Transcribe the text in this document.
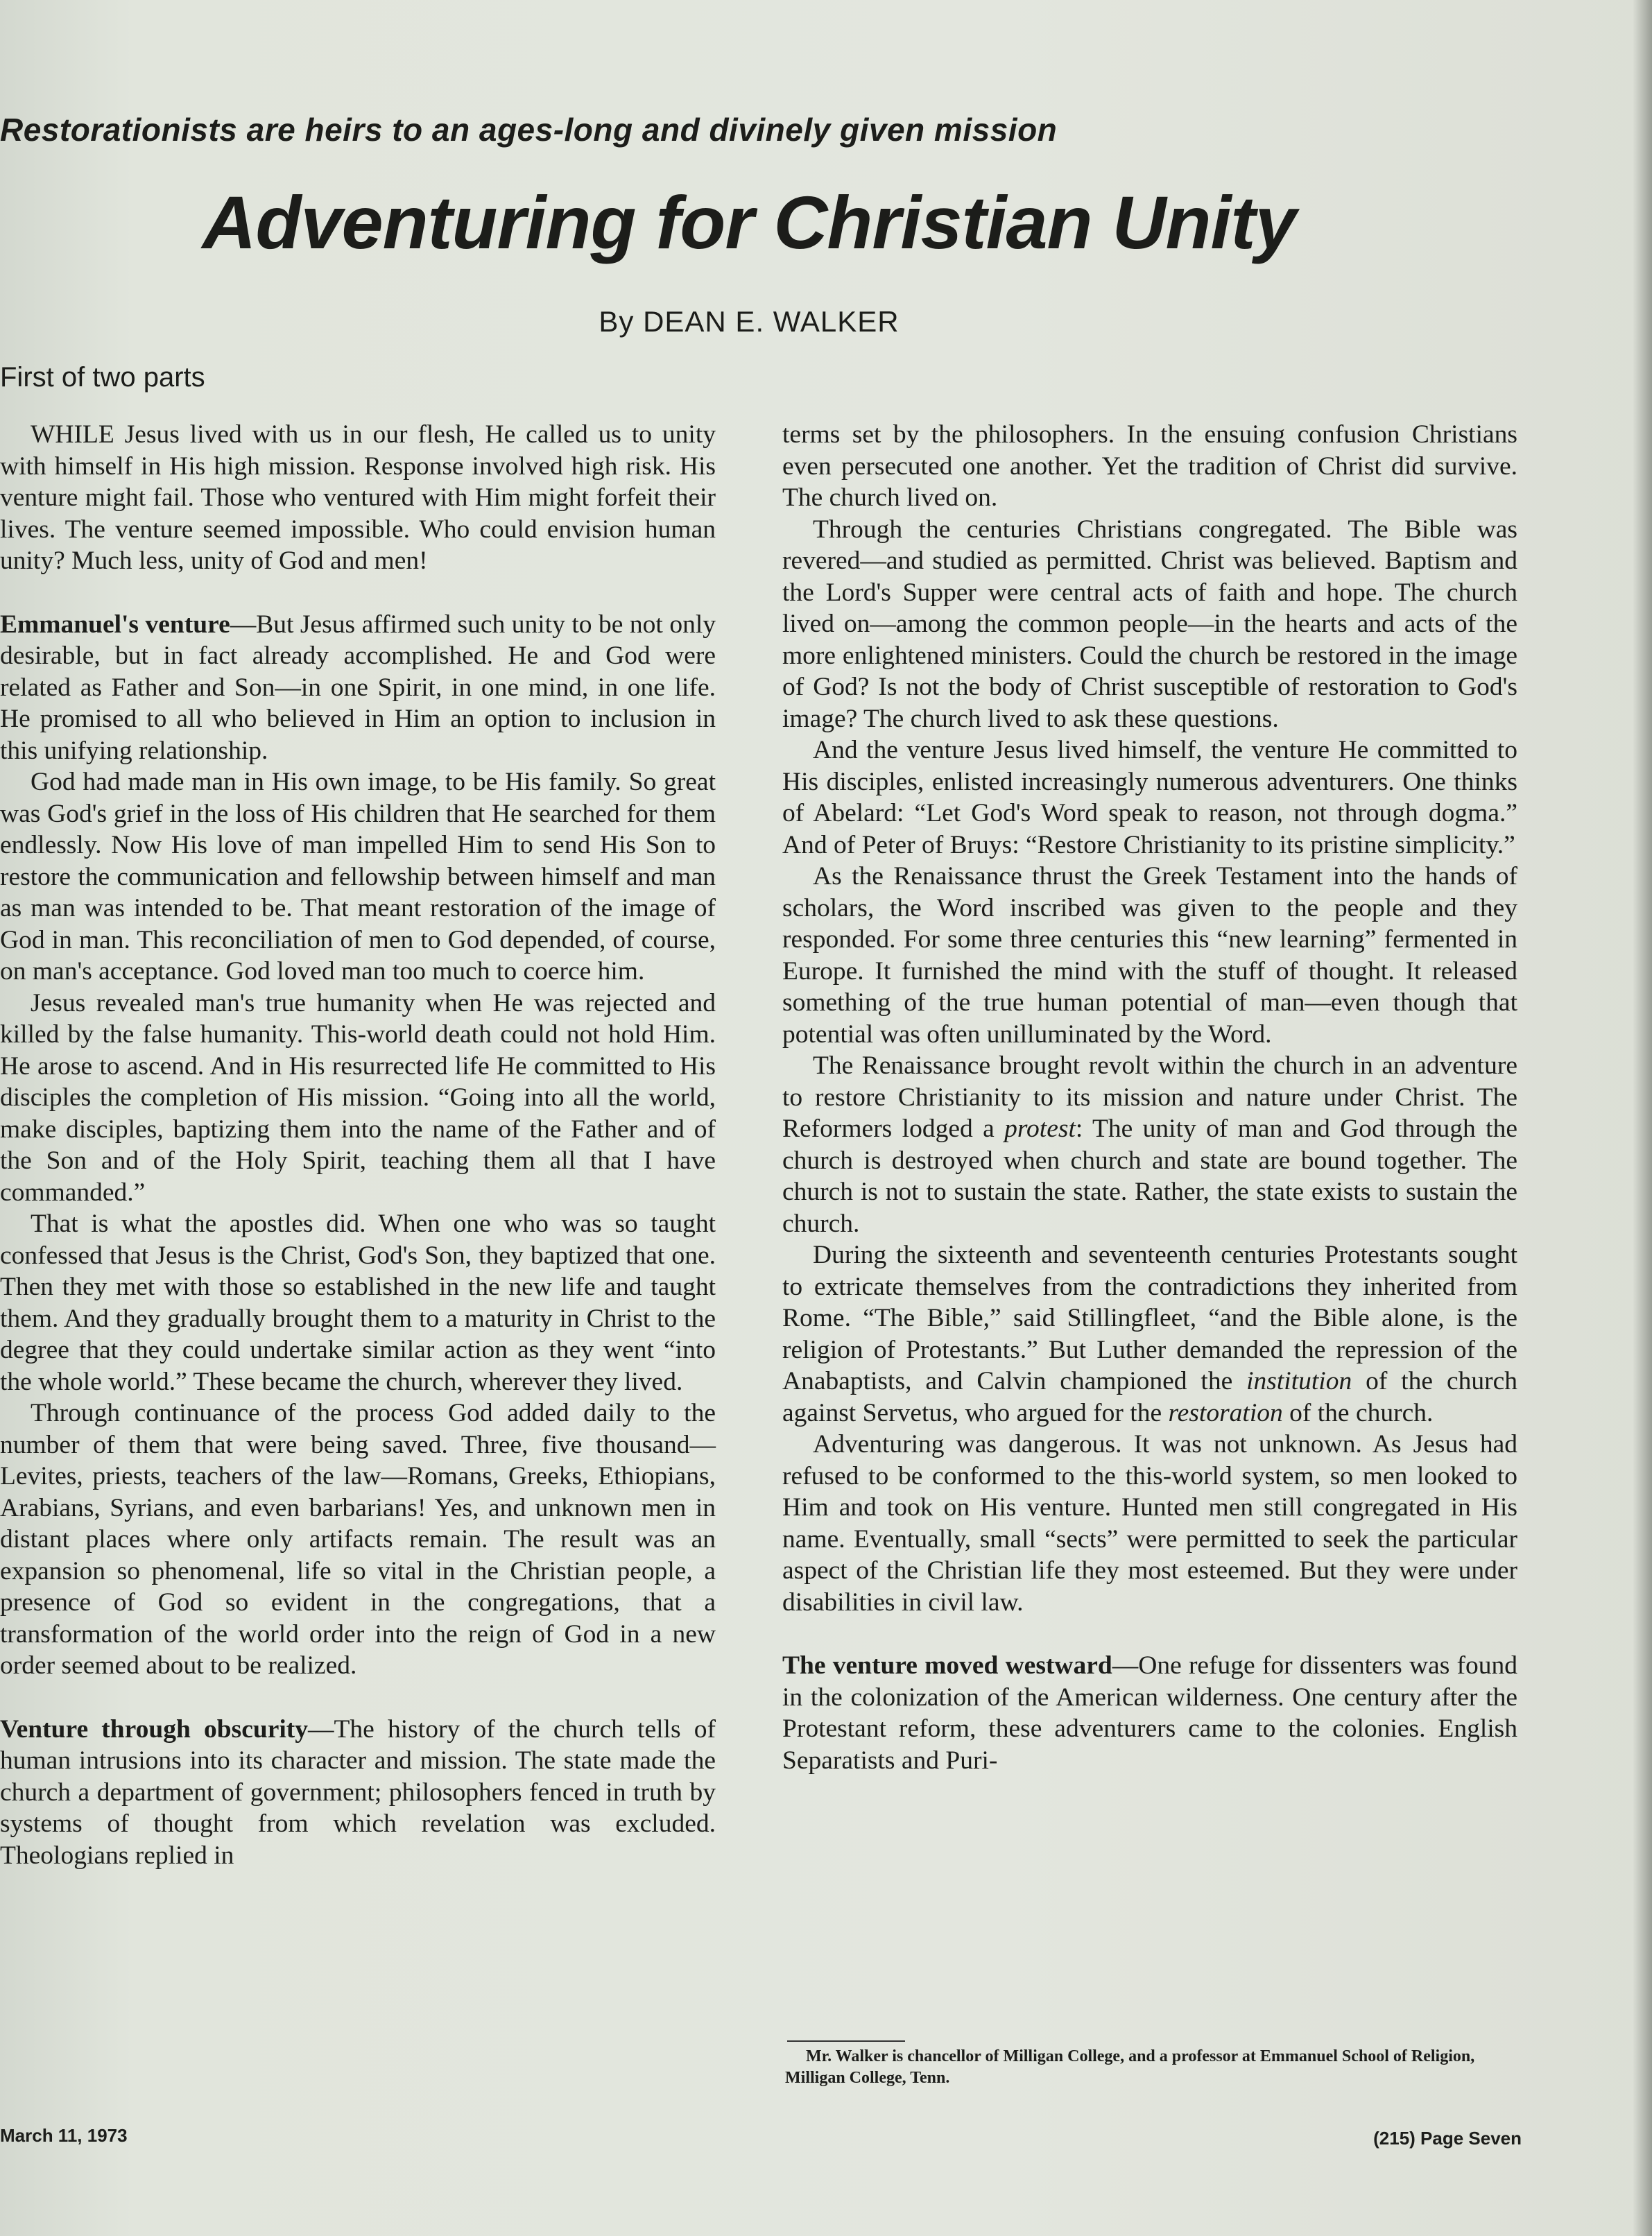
Restorationists are heirs to an ages-long and divinely given mission
Adventuring for Christian Unity
By DEAN E. WALKER
First of two parts

WHILE Jesus lived with us in our flesh, He called us to unity with himself in His high mission. Response involved high risk. His venture might fail. Those who ventured with Him might forfeit their lives. The venture seemed impossible. Who could envision human unity? Much less, unity of God and men!

Emmanuel's venture—But Jesus affirmed such unity to be not only desirable, but in fact already accomplished. He and God were related as Father and Son—in one Spirit, in one mind, in one life. He promised to all who believed in Him an option to inclusion in this unifying relationship.

God had made man in His own image, to be His family. So great was God's grief in the loss of His children that He searched for them endlessly. Now His love of man impelled Him to send His Son to restore the communication and fellowship between himself and man as man was intended to be. That meant restoration of the image of God in man. This reconciliation of men to God depended, of course, on man's acceptance. God loved man too much to coerce him.

Jesus revealed man's true humanity when He was rejected and killed by the false humanity. This-world death could not hold Him. He arose to ascend. And in His resurrected life He committed to His disciples the completion of His mission. “Going into all the world, make disciples, baptizing them into the name of the Father and of the Son and of the Holy Spirit, teaching them all that I have commanded.”

That is what the apostles did. When one who was so taught confessed that Jesus is the Christ, God's Son, they baptized that one. Then they met with those so established in the new life and taught them. And they gradually brought them to a maturity in Christ to the degree that they could undertake similar action as they went “into the whole world.” These became the church, wherever they lived.

Through continuance of the process God added daily to the number of them that were being saved. Three, five thousand—Levites, priests, teachers of the law—Romans, Greeks, Ethiopians, Arabians, Syrians, and even barbarians! Yes, and unknown men in distant places where only artifacts remain. The result was an expansion so phenomenal, life so vital in the Christian people, a presence of God so evident in the congregations, that a transformation of the world order into the reign of God in a new order seemed about to be realized.

Venture through obscurity—The history of the church tells of human intrusions into its character and mission. The state made the church a department of government; philosophers fenced in truth by systems of thought from which revelation was excluded. Theologians replied in

terms set by the philosophers. In the ensuing confusion Christians even persecuted one another. Yet the tradition of Christ did survive. The church lived on.

Through the centuries Christians congregated. The Bible was revered—and studied as permitted. Christ was believed. Baptism and the Lord's Supper were central acts of faith and hope. The church lived on—among the common people—in the hearts and acts of the more enlightened ministers. Could the church be restored in the image of God? Is not the body of Christ susceptible of restoration to God's image? The church lived to ask these questions.

And the venture Jesus lived himself, the venture He committed to His disciples, enlisted increasingly numerous adventurers. One thinks of Abelard: “Let God's Word speak to reason, not through dogma.” And of Peter of Bruys: “Restore Christianity to its pristine simplicity.”

As the Renaissance thrust the Greek Testament into the hands of scholars, the Word inscribed was given to the people and they responded. For some three centuries this “new learning” fermented in Europe. It furnished the mind with the stuff of thought. It released something of the true human potential of man—even though that potential was often unilluminated by the Word.

The Renaissance brought revolt within the church in an adventure to restore Christianity to its mission and nature under Christ. The Reformers lodged a protest: The unity of man and God through the church is destroyed when church and state are bound together. The church is not to sustain the state. Rather, the state exists to sustain the church.

During the sixteenth and seventeenth centuries Protestants sought to extricate themselves from the contradictions they inherited from Rome. “The Bible,” said Stillingfleet, “and the Bible alone, is the religion of Protestants.” But Luther demanded the repression of the Anabaptists, and Calvin championed the institution of the church against Servetus, who argued for the restoration of the church.

Adventuring was dangerous. It was not unknown. As Jesus had refused to be conformed to the this-world system, so men looked to Him and took on His venture. Hunted men still congregated in His name. Eventually, small “sects” were permitted to seek the particular aspect of the Christian life they most esteemed. But they were under disabilities in civil law.

The venture moved westward—One refuge for dissenters was found in the colonization of the American wilderness. One century after the Protestant reform, these adventurers came to the colonies. English Separatists and Puri-

Mr. Walker is chancellor of Milligan College, and a professor at Emmanuel School of Religion, Milligan College, Tenn.
March 11, 1973	(215) Page Seven
